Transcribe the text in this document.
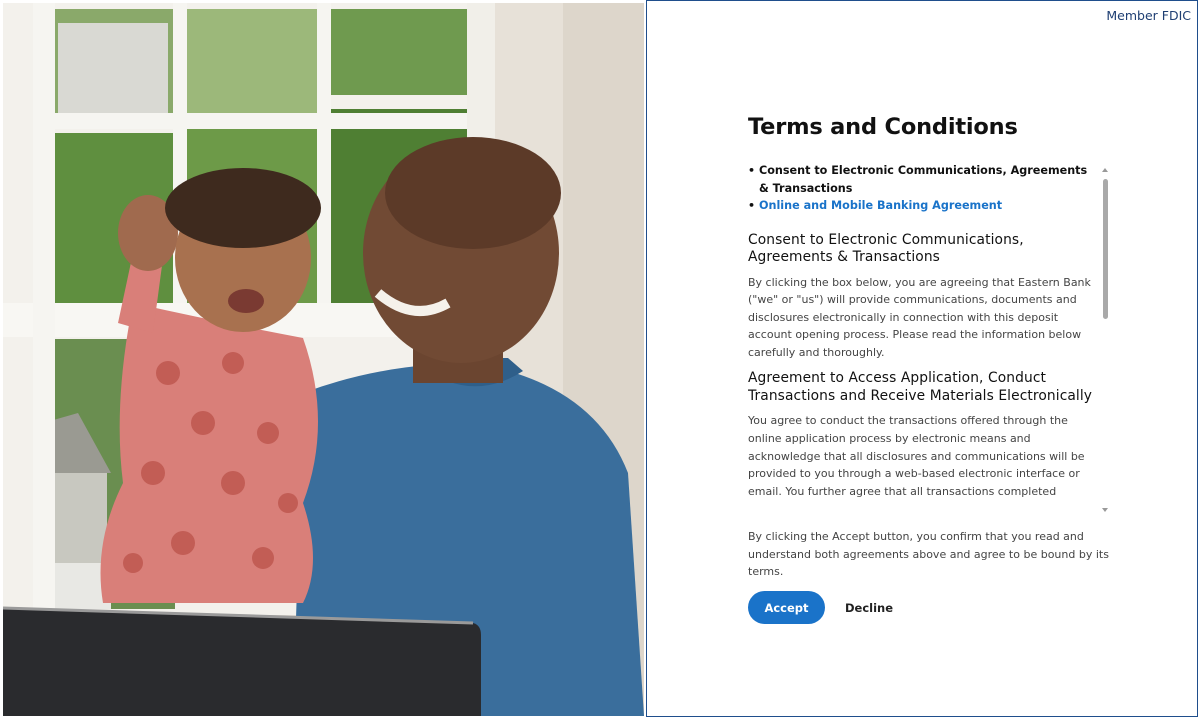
Member FDIC
Terms and Conditions
• Consent to Electronic Communications, Agreements & Transactions
• Online and Mobile Banking Agreement
Consent to Electronic Communications, Agreements & Transactions

By clicking the box below, you are agreeing that Eastern Bank ("we" or "us") will provide communications, documents and disclosures electronically in connection with this deposit account opening process. Please read the information below carefully and thoroughly.

Agreement to Access Application, Conduct Transactions and Receive Materials Electronically

You agree to conduct the transactions offered through the online application process by electronic means and acknowledge that all disclosures and communications will be provided to you through a web-based electronic interface or email. You further agree that all transactions completed

By clicking the Accept button, you confirm that you read and understand both agreements above and agree to be bound by its terms.

Accept	Decline
